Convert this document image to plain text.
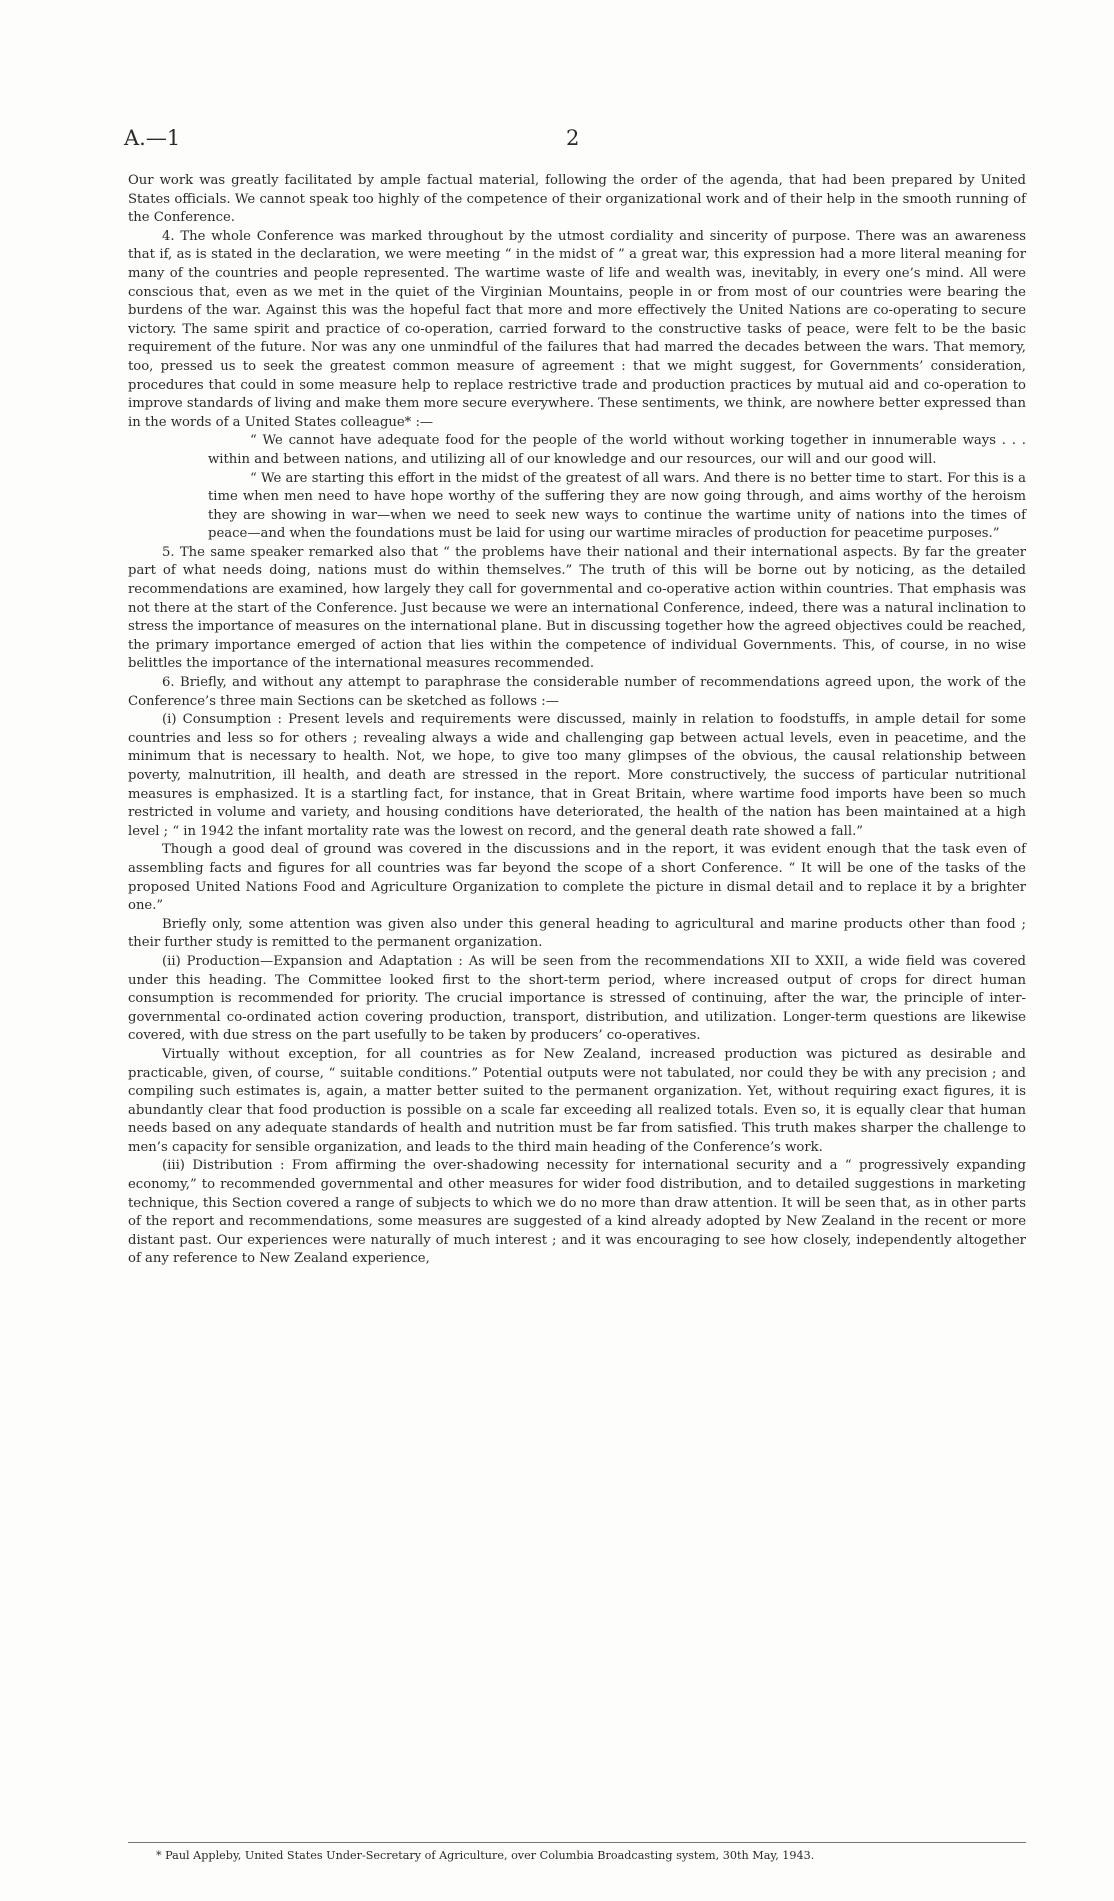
A.—1	2

Our work was greatly facilitated by ample factual material, following the order of the agenda, that had been prepared by United States officials. We cannot speak too highly of the competence of their organizational work and of their help in the smooth running of the Conference.

4. The whole Conference was marked throughout by the utmost cordiality and sincerity of purpose. There was an awareness that if, as is stated in the declaration, we were meeting “ in the midst of ” a great war, this expression had a more literal meaning for many of the countries and people represented. The wartime waste of life and wealth was, inevitably, in every one’s mind. All were conscious that, even as we met in the quiet of the Virginian Mountains, people in or from most of our countries were bearing the burdens of the war. Against this was the hopeful fact that more and more effectively the United Nations are co-operating to secure victory. The same spirit and practice of co-operation, carried forward to the constructive tasks of peace, were felt to be the basic requirement of the future. Nor was any one unmindful of the failures that had marred the decades between the wars. That memory, too, pressed us to seek the greatest common measure of agreement : that we might suggest, for Governments’ consideration, procedures that could in some measure help to replace restrictive trade and production practices by mutual aid and co-operation to improve standards of living and make them more secure everywhere. These sentiments, we think, are nowhere better expressed than in the words of a United States colleague* :—

“ We cannot have adequate food for the people of the world without working together in innumerable ways . . . within and between nations, and utilizing all of our knowledge and our resources, our will and our good will.

“ We are starting this effort in the midst of the greatest of all wars. And there is no better time to start. For this is a time when men need to have hope worthy of the suffering they are now going through, and aims worthy of the heroism they are showing in war—when we need to seek new ways to continue the wartime unity of nations into the times of peace—and when the foundations must be laid for using our wartime miracles of production for peacetime purposes.”

5. The same speaker remarked also that “ the problems have their national and their international aspects. By far the greater part of what needs doing, nations must do within themselves.” The truth of this will be borne out by noticing, as the detailed recommendations are examined, how largely they call for governmental and co-operative action within countries. That emphasis was not there at the start of the Conference. Just because we were an international Conference, indeed, there was a natural inclination to stress the importance of measures on the international plane. But in discussing together how the agreed objectives could be reached, the primary importance emerged of action that lies within the competence of individual Governments. This, of course, in no wise belittles the importance of the international measures recommended.

6. Briefly, and without any attempt to paraphrase the considerable number of recommendations agreed upon, the work of the Conference’s three main Sections can be sketched as follows :—

(i) Consumption : Present levels and requirements were discussed, mainly in relation to foodstuffs, in ample detail for some countries and less so for others ; revealing always a wide and challenging gap between actual levels, even in peacetime, and the minimum that is necessary to health. Not, we hope, to give too many glimpses of the obvious, the causal relationship between poverty, malnutrition, ill health, and death are stressed in the report. More constructively, the success of particular nutritional measures is emphasized. It is a startling fact, for instance, that in Great Britain, where wartime food imports have been so much restricted in volume and variety, and housing conditions have deteriorated, the health of the nation has been maintained at a high level ; “ in 1942 the infant mortality rate was the lowest on record, and the general death rate showed a fall.”

Though a good deal of ground was covered in the discussions and in the report, it was evident enough that the task even of assembling facts and figures for all countries was far beyond the scope of a short Conference. “ It will be one of the tasks of the proposed United Nations Food and Agriculture Organization to complete the picture in dismal detail and to replace it by a brighter one.”

Briefly only, some attention was given also under this general heading to agricultural and marine products other than food ; their further study is remitted to the permanent organization.

(ii) Production—Expansion and Adaptation : As will be seen from the recommendations XII to XXII, a wide field was covered under this heading. The Committee looked first to the short-term period, where increased output of crops for direct human consumption is recommended for priority. The crucial importance is stressed of continuing, after the war, the principle of inter-governmental co-ordinated action covering production, transport, distribution, and utilization. Longer-term questions are likewise covered, with due stress on the part usefully to be taken by producers’ co-operatives.

Virtually without exception, for all countries as for New Zealand, increased production was pictured as desirable and practicable, given, of course, “ suitable conditions.” Potential outputs were not tabulated, nor could they be with any precision ; and compiling such estimates is, again, a matter better suited to the permanent organization. Yet, without requiring exact figures, it is abundantly clear that food production is possible on a scale far exceeding all realized totals. Even so, it is equally clear that human needs based on any adequate standards of health and nutrition must be far from satisfied. This truth makes sharper the challenge to men’s capacity for sensible organization, and leads to the third main heading of the Conference’s work.

(iii) Distribution : From affirming the over-shadowing necessity for international security and a “ progressively expanding economy,” to recommended governmental and other measures for wider food distribution, and to detailed suggestions in marketing technique, this Section covered a range of subjects to which we do no more than draw attention. It will be seen that, as in other parts of the report and recommendations, some measures are suggested of a kind already adopted by New Zealand in the recent or more distant past. Our experiences were naturally of much interest ; and it was encouraging to see how closely, independently altogether of any reference to New Zealand experience,

* Paul Appleby, United States Under-Secretary of Agriculture, over Columbia Broadcasting system, 30th May, 1943.
